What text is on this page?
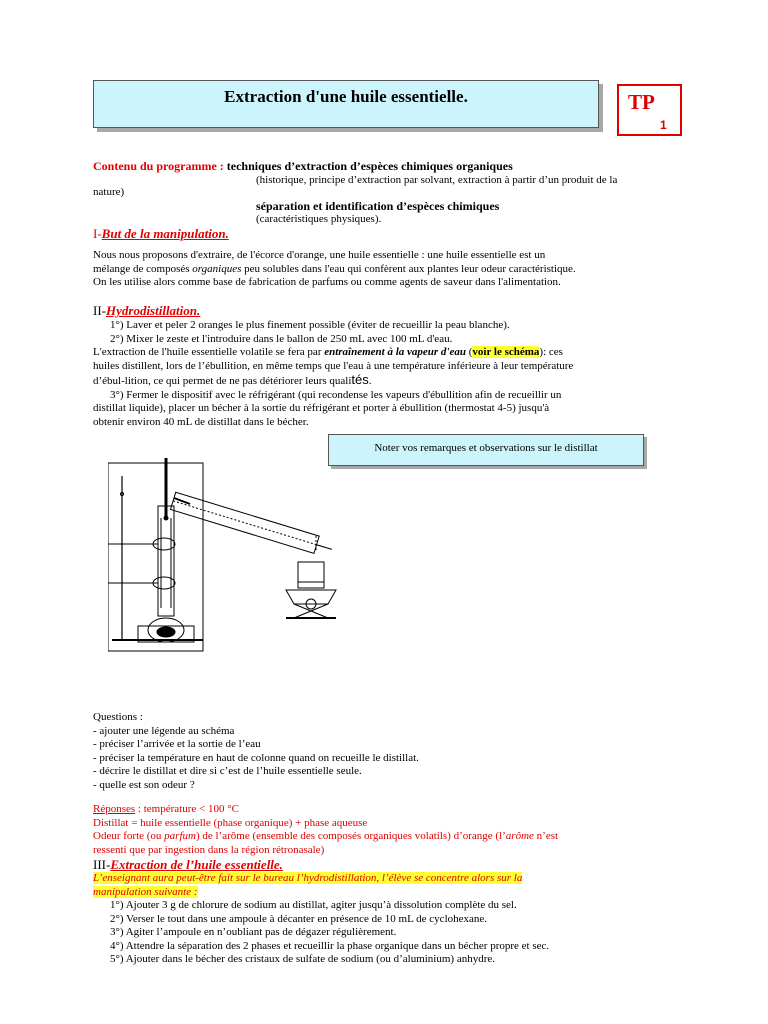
Extraction d'une huile essentielle.	TP
1
Contenu du programme : techniques d’extraction d’espèces chimiques organiques
(historique, principe d’extraction par solvant, extraction à partir d’un produit de la
nature)
séparation et identification d’espèces chimiques
(caractéristiques physiques).
I-But de la manipulation.

Nous nous proposons d'extraire, de l'écorce d'orange, une huile essentielle : une huile essentielle est un

mélange de composés organiques peu solubles dans l'eau qui confèrent aux plantes leur odeur caractéristique.

On les utilise alors comme base de fabrication de parfums ou comme agents de saveur dans l'alimentation.

II-Hydrodistillation.

1°) Laver et peler 2 oranges le plus finement possible (éviter de recueillir la peau blanche).

2°) Mixer le zeste et l'introduire dans le ballon de 250 mL avec 100 mL d'eau.

L'extraction de l'huile essentielle volatile se fera par entraînement à la vapeur d'eau (voir le schéma): ces

huiles distillent, lors de l’ébullition, en même temps que l'eau à une température inférieure à leur température

d’ébul-lition, ce qui permet de ne pas détériorer leurs qualités.

3°) Fermer le dispositif avec le réfrigérant (qui recondense les vapeurs d'ébullition afin de recueillir un

distillat liquide), placer un bécher à la sortie du réfrigérant et porter à ébullition (thermostat 4-5) jusqu'à

obtenir environ 40 mL de distillat dans le bécher.

Noter vos remarques et observations sur le distillat

Questions :

- ajouter une légende au schéma

- préciser l’arrivée et la sortie de l’eau

- préciser la température en haut de colonne quand on recueille le distillat.

- décrire le distillat et dire si c’est de l’huile essentielle seule.

- quelle est son odeur ?

Réponses : température < 100 °C

Distillat = huile essentielle (phase organique) + phase aqueuse

Odeur forte (ou parfum) de l’arôme (ensemble des composés organiques volatils) d’orange (l’arôme n’est

ressenti que par ingestion dans la région rétronasale)

III-Extraction de l’huile essentielle.

L’enseignant aura peut-être fait sur le bureau l’hydrodistillation, l’élève se concentre alors sur la

manipulation suivante :

1°) Ajouter 3 g de chlorure de sodium au distillat, agiter jusqu’à dissolution complète du sel.

2°) Verser le tout dans une ampoule à décanter en présence de 10 mL de cyclohexane.

3°) Agiter l’ampoule en n’oubliant pas de dégazer régulièrement.

4°) Attendre la séparation des 2 phases et recueillir la phase organique dans un bécher propre et sec.

5°) Ajouter dans le bécher des cristaux de sulfate de sodium (ou d’aluminium) anhydre.
